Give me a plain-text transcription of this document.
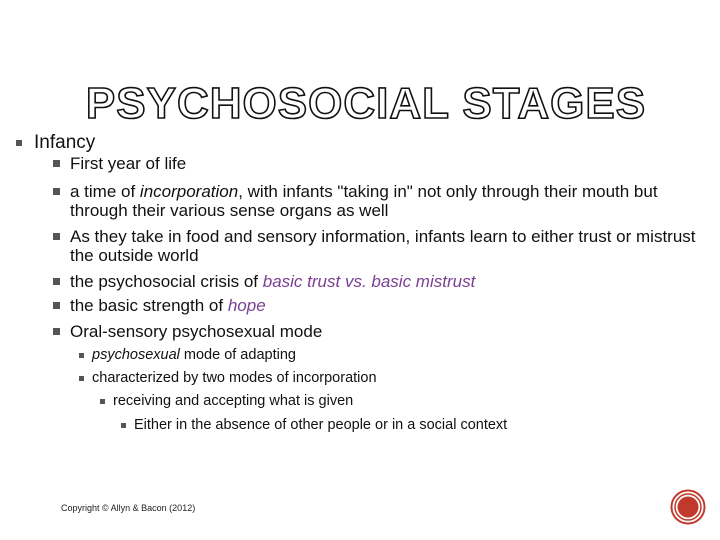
PSYCHOSOCIAL STAGES
Infancy
First year of life
a time of incorporation, with infants "taking in" not only through their mouth but through their various sense organs as well
As they take in food and sensory information, infants learn to either trust or mistrust the outside world
the psychosocial crisis of basic trust vs. basic mistrust
the basic strength of hope
Oral-sensory psychosexual mode
psychosexual mode of adapting
characterized by two modes of incorporation
receiving and accepting what is given
Either in the absence of other people or in a social context
Copyright © Allyn & Bacon (2012)
